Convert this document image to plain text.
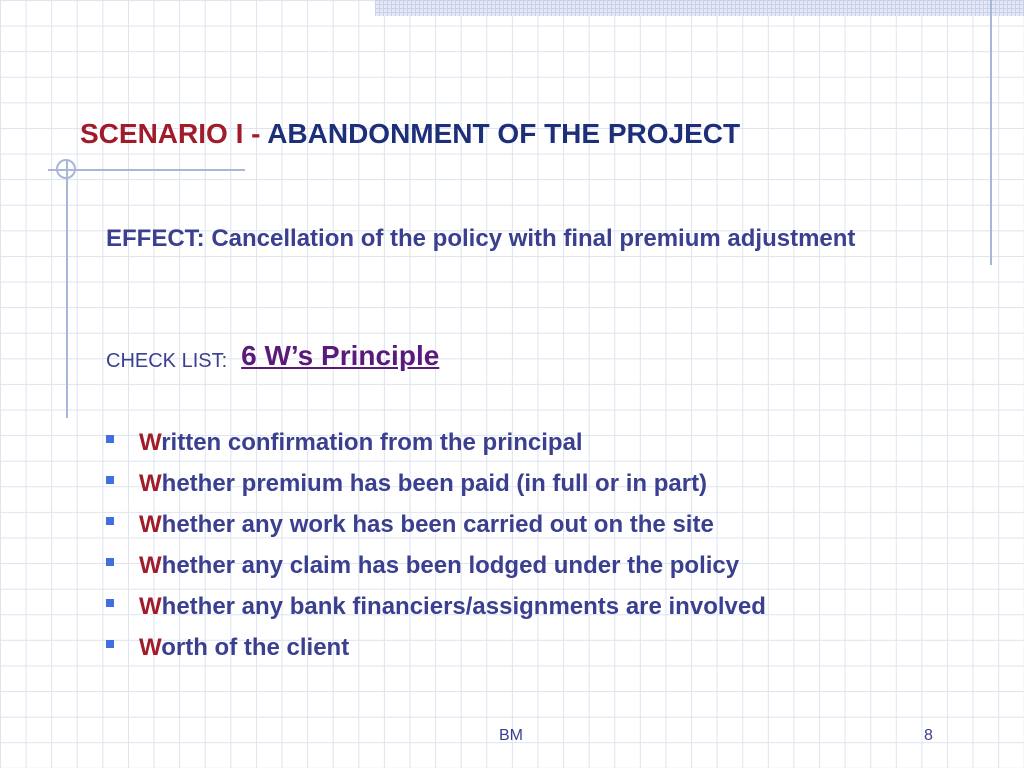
SCENARIO I - ABANDONMENT OF THE PROJECT

EFFECT: Cancellation of the policy with final premium adjustment

CHECK LIST: 6 W’s Principle
Written confirmation from the principal
Whether premium has been paid (in full or in part)
Whether any work has been carried out on the site
Whether any claim has been lodged under the policy
Whether any bank financiers/assignments are involved
Worth of the client
BM	8
